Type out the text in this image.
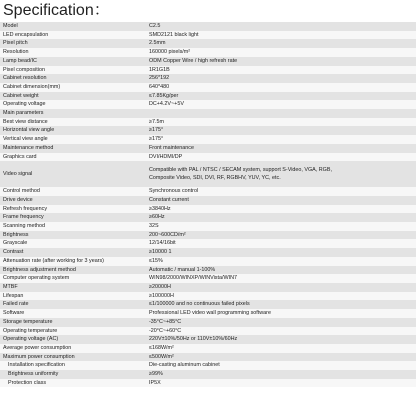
Specification：
Model	C2.5
LED encapsulation	SMD2121 black light
Pixel pitch	2.5mm
Resolution	160000 pixels/m²
Lamp bead/IC	ODM Copper Wire / high refresh rate
Pixel composition	1R1G1B
Cabinet resolution	256*192
Cabinet dimension(mm)	640*480
Cabinet weight	≤7.85Kg/per
Operating voltage	DC+4.2V~+5V
Main parameters	
Best view distance	≥7.5m
Horizontal view angle	≥175°
Vertical view angle	≥175°
Maintenance method	Front maintenance
Graphics card	DVI/HDMI/DP
Video signal	Compatible with PAL / NTSC / SECAM system, support S-Video, VGA, RGB, Composite Video, SDI, DVI, RF, RGBHV, YUV, YC, etc.
Control method	Synchronous control
Drive device	Constant current
Refresh frequency	≥3840Hz
Frame frequency	≥60Hz
Scanning method	32S
Brightness	200~600CD/m²
Grayscale	12/14/16bit
Contrast	≥10000 1
Attenuation rate (after working for 3 years)	≤15%
Brightness adjustment method	Automatic / manual 1-100%
Computer operating system	WIN98/2000/WINXP/WINVista/WIN7
MTBF	≥20000H
Lifespan	≥100000H
Failed rate	≤1/100000 and no continuous failed pixels
Software	Professional LED video wall programming software
Storage temperature	-35°C~+85°C
Operating temperature	-20°C~+60°C
Operating voltage (AC)	220V±10%/50Hz or 110V±10%/60Hz
Average power consumption	≤168W/m²
Maximum power consumption	≤500W/m²
Installation specification	Die-casting aluminum cabinet
Brightness uniformity	≥99%
Protection class	IP5X
